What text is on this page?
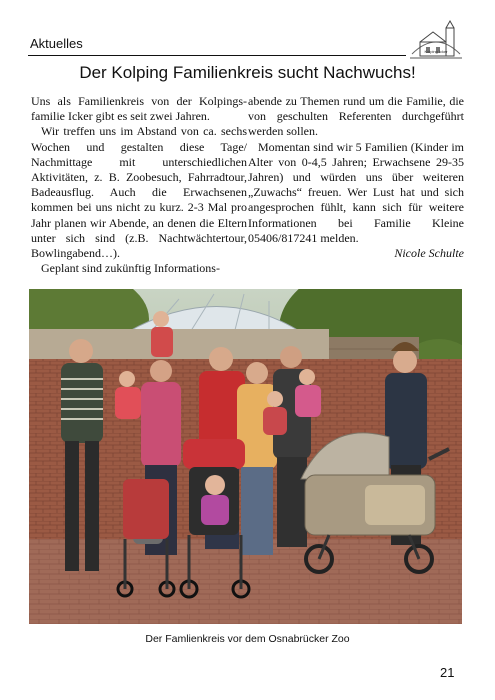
Aktuelles
Kolping Icker
Der Kolping Familienkreis sucht Nachwuchs!

Uns als Familienkreis von der Kolpings-familie Icker gibt es seit zwei Jahren.

Wir treffen uns im Abstand von ca. sechs Wochen und gestalten diese Tage/ Nachmittage mit unterschiedlichen Aktivitäten, z. B. Zoobesuch, Fahrradtour, Badeausflug. Auch die Erwachsenen kommen bei uns nicht zu kurz. 2-3 Mal pro Jahr planen wir Abende, an denen die Eltern unter sich sind (z.B. Nachtwächtertour, Bowlingabend…).

Geplant sind zukünftig Informations-

abende zu Themen rund um die Familie, die von geschulten Referenten durchgeführt werden sollen.

Momentan sind wir 5 Familien (Kinder im Alter von 0-4,5 Jahren; Erwachsene 29-35 Jahren) und würden uns über weiteren „Zuwachs“ freuen. Wer Lust hat und sich angesprochen fühlt, kann sich für weitere Informationen bei Familie Kleine 05406/817241 melden.

Nicole Schulte

Der Famlienkreis vor dem Osnabrücker Zoo
21
